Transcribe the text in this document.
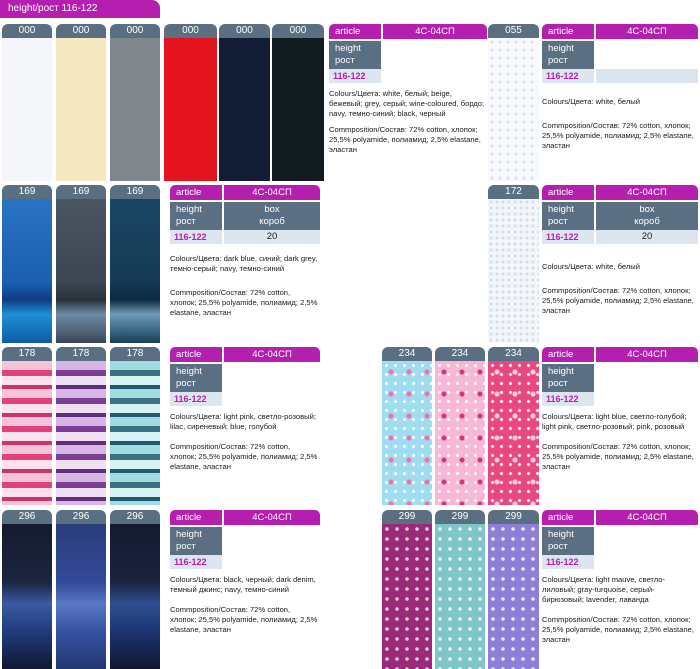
height/рост 116-122
000	000	000	000	000	000	article	4С-04СП
height
рост
116-122
Colours/Цвета: white, белый; beige, бежевый; grey, серый; wine-coloured, бордо; navy, темно-синий; black, черный
Commposition/Состав: 72% cotton, хлопок; 25,5% polyamide, полиамид; 2,5% elastane, эластан
055	article	4С-04СП
height
рост
116-122
Colours/Цвета: white, белый
Commposition/Состав: 72% cotton, хлопок; 25,5% polyamide, полиамид; 2,5% elastane, эластан
169	169	169	article	4С-04СП
height
рост
box
короб
116-122	20
Colours/Цвета: dark blue, синий; dark grey, темно-серый; navy, темно-синий
Commposition/Состав: 72% cotton, хлопок; 25,5% polyamide, полиамид; 2,5% elastane, эластан
172	article	4С-04СП
height
рост
box
короб
116-122	20
Colours/Цвета: white, белый
Commposition/Состав: 72% cotton, хлопок; 25,5% polyamide, полиамид; 2,5% elastane, эластан
178	178	178	article	4С-04СП
height
рост
116-122
Colours/Цвета: light pink, светло-розовый; lilac, сиреневый; blue, голубой
Commposition/Состав: 72% cotton, хлопок; 25,5% polyamide, полиамид; 2,5% elastane, эластан
234	234	234	article	4С-04СП
height
рост
116-122
Colours/Цвета: light blue, светло-голубой; light pink, светло-розовый; pink, розовый
Commposition/Состав: 72% cotton, хлопок; 25,5% polyamide, полиамид; 2,5% elastane, эластан
296	296	296	article	4С-04СП
height
рост
116-122
Colours/Цвета: black, черный; dark denim, темный джинс; navy, темно-синий
Commposition/Состав: 72% cotton, хлопок; 25,5% polyamide, полиамид; 2,5% elastane, эластан
299	299	299	article	4С-04СП
height
рост
116-122
Colours/Цвета: light mauve, светло-лиловый; gray-turquoise, серый-бирюзовый; lavender, лаванда
Commposition/Состав: 72% cotton, хлопок; 25,5% polyamide, полиамид; 2,5% elastane, эластан
